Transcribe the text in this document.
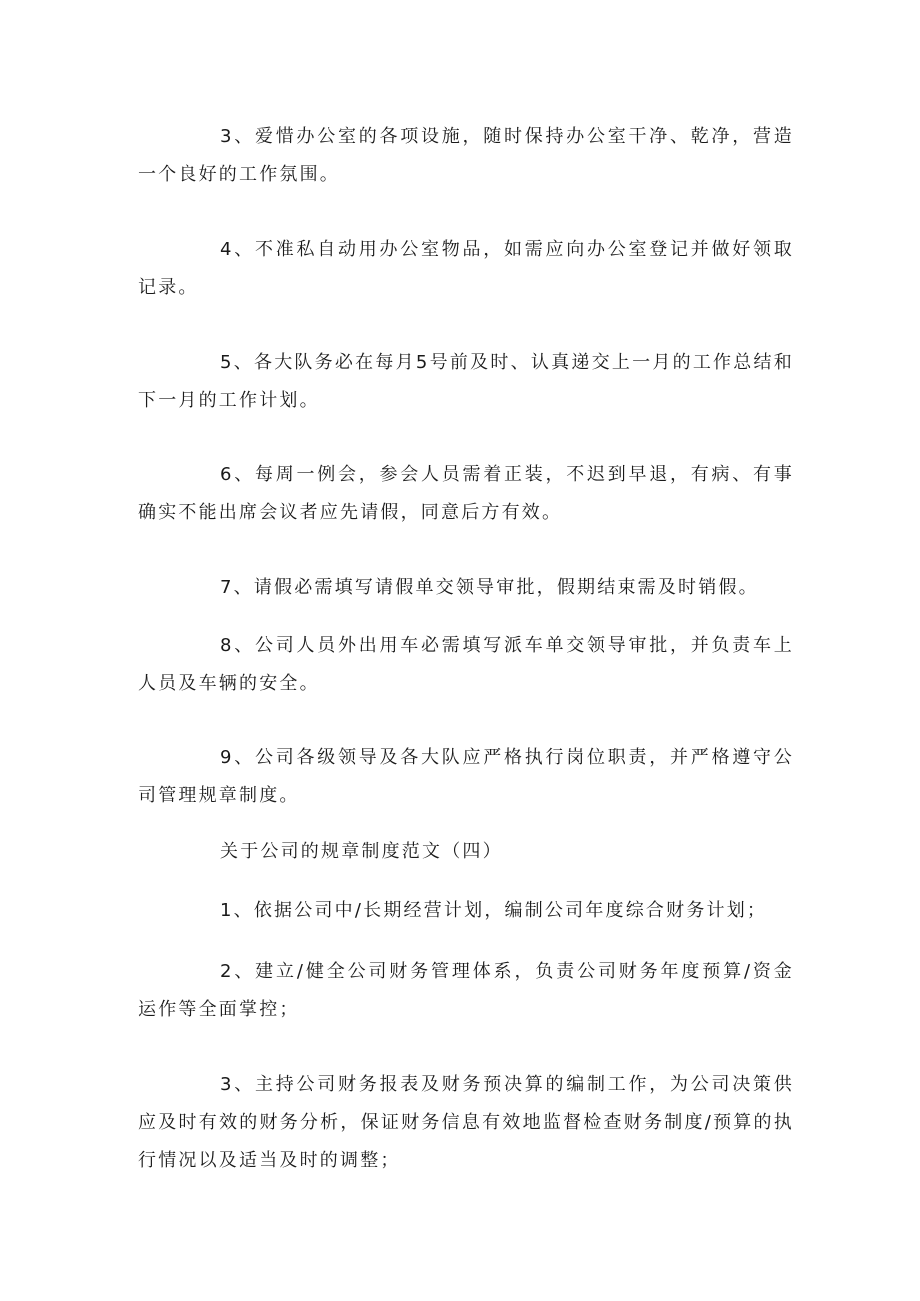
3、爱惜办公室的各项设施，随时保持办公室干净、乾净，营造一个良好的工作氛围。

4、不准私自动用办公室物品，如需应向办公室登记并做好领取记录。

5、各大队务必在每月5号前及时、认真递交上一月的工作总结和下一月的工作计划。

6、每周一例会，参会人员需着正装，不迟到早退，有病、有事确实不能出席会议者应先请假，同意后方有效。

7、请假必需填写请假单交领导审批，假期结束需及时销假。

8、公司人员外出用车必需填写派车单交领导审批，并负责车上人员及车辆的安全。

9、公司各级领导及各大队应严格执行岗位职责，并严格遵守公司管理规章制度。

关于公司的规章制度范文（四）

1、依据公司中/长期经营计划，编制公司年度综合财务计划；

2、建立/健全公司财务管理体系，负责公司财务年度预算/资金运作等全面掌控；

3、主持公司财务报表及财务预决算的编制工作，为公司决策供应及时有效的财务分析，保证财务信息有效地监督检查财务制度/预算的执行情况以及适当及时的调整；
